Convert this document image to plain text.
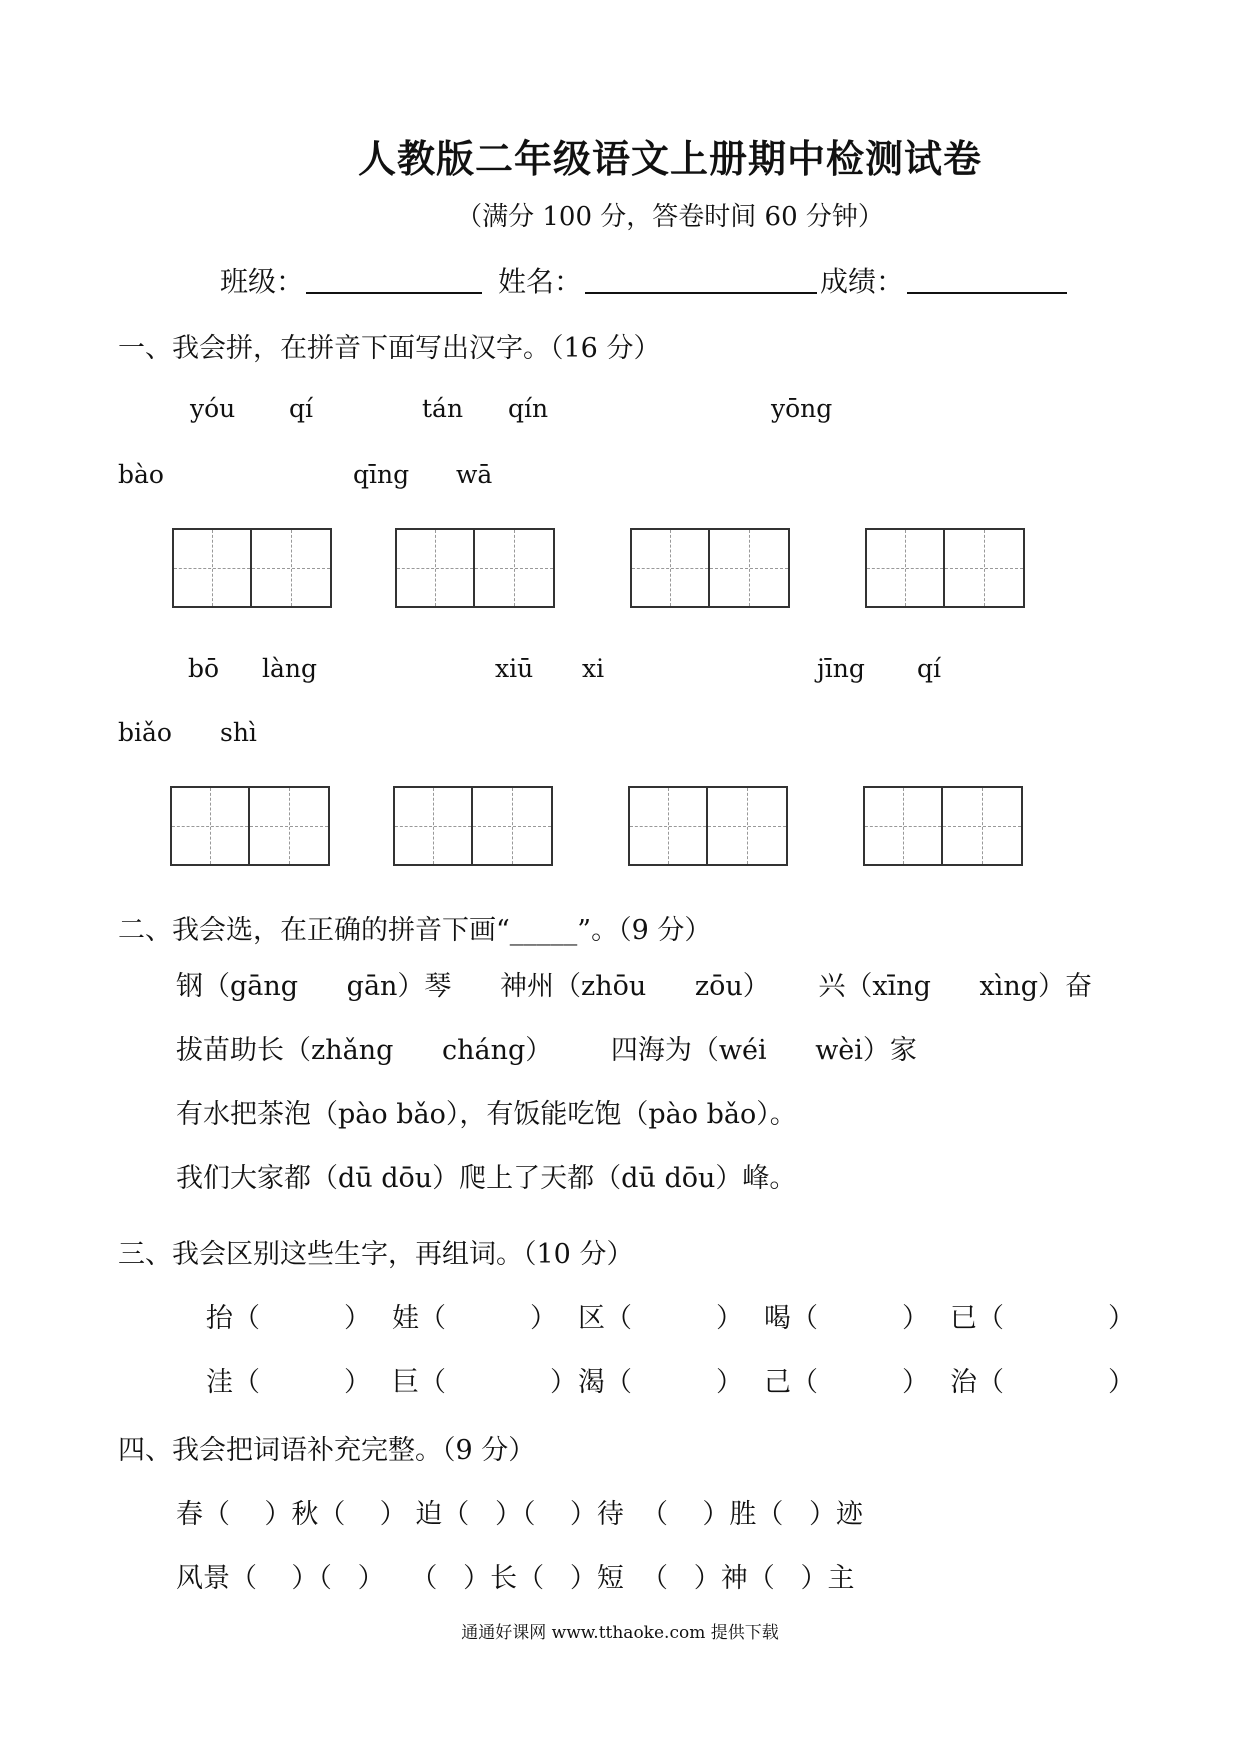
人教版二年级语文上册期中检测试卷
（满分 100 分，答卷时间 60 分钟）
班级：	姓名：	成绩：
一、我会拼，在拼音下面写出汉字。（16 分）
yóu qí	tán qín	yōng
bào	qīng wā
bō làng	xiū xi	jīng qí
biǎo shì
二、我会选，在正确的拼音下画“_____”。（9 分）
钢（gāng gān）琴 神州（zhōu zōu） 兴（xīng xìng）奋
拔苗助长（zhǎng cháng） 四海为（wéi wèi）家
有水把茶泡（pào bǎo），有饭能吃饱（pào bǎo）。
我们大家都（dū dōu）爬上了天都（dū dōu）峰。
三、我会区别这些生字，再组词。（10 分）
抬（	） 娃（	） 区（	） 喝（	） 已（	）
洼（	） 巨（	） 渴（	） 己（	） 治（	）
四、我会把词语补充完整。（9 分）
春（    ）秋（    ） 迫（   ）（    ）待  （    ）胜（   ）迹
风景（    ）（   ）   （   ）长（   ）短  （   ）神（   ）主
通通好课网 www.tthaoke.com 提供下载
